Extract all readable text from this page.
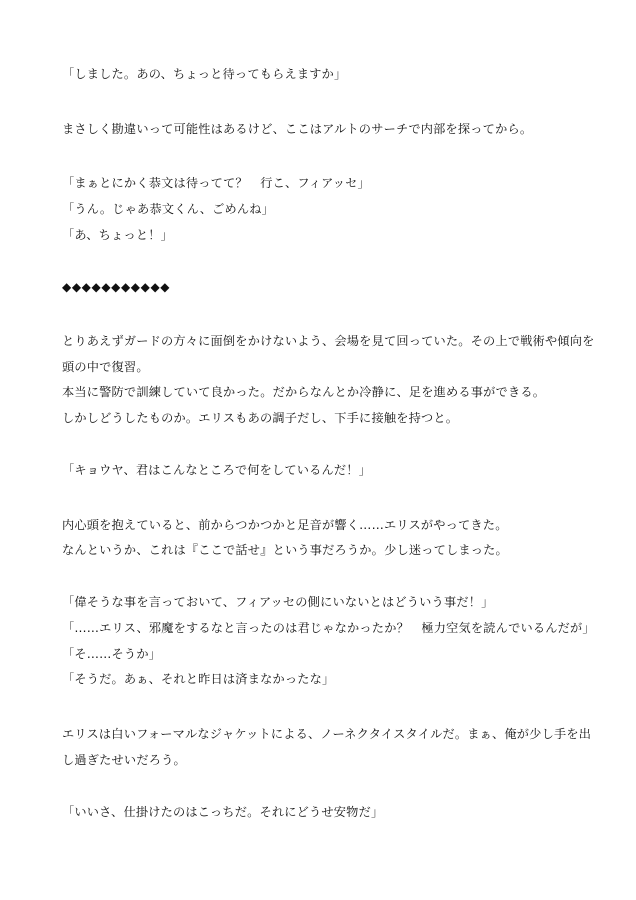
「しました。あの、ちょっと待ってもらえますか」

まさしく勘違いって可能性はあるけど、ここはアルトのサーチで内部を探ってから。

「まぁとにかく恭文は待ってて？　行こ、フィアッセ」

「うん。じゃあ恭文くん、ごめんね」

「あ、ちょっと！」

◆◆◆◆◆◆◆◆◆◆◆

とりあえずガードの方々に面倒をかけないよう、会場を見て回っていた。その上で戦術や傾向を

頭の中で復習。

本当に警防で訓練していて良かった。だからなんとか冷静に、足を進める事ができる。

しかしどうしたものか。エリスもあの調子だし、下手に接触を持つと。

「キョウヤ、君はこんなところで何をしているんだ！」

内心頭を抱えていると、前からつかつかと足音が響く……エリスがやってきた。

なんというか、これは『ここで話せ』という事だろうか。少し迷ってしまった。

「偉そうな事を言っておいて、フィアッセの側にいないとはどういう事だ！」

「……エリス、邪魔をするなと言ったのは君じゃなかったか？　極力空気を読んでいるんだが」

「そ……そうか」

「そうだ。あぁ、それと昨日は済まなかったな」

エリスは白いフォーマルなジャケットによる、ノーネクタイスタイルだ。まぁ、俺が少し手を出

し過ぎたせいだろう。

「いいさ、仕掛けたのはこっちだ。それにどうせ安物だ」
